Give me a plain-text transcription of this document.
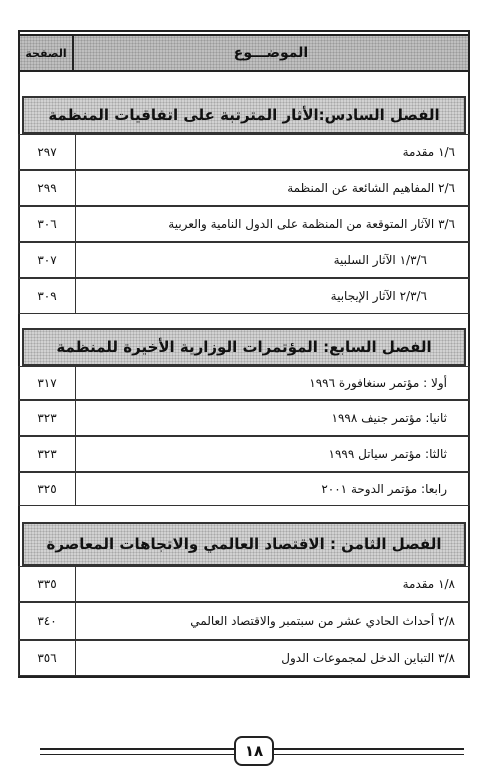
الموضـــوع
الصفحة
الفصل السادس:الأثار المترتبة على اتفاقيات المنظمة
١/٦ مقدمة
٢٩٧
٢/٦ المفاهيم الشائعة عن المنظمة
٢٩٩
٣/٦ الآثار المتوقعة من المنظمة على الدول النامية والعربية
٣٠٦
١/٣/٦ الآثار السلبية
٣٠٧
٢/٣/٦ الآثار الإيجابية
٣٠٩
الفصل السابع: المؤتمرات الوزارية الأخيرة للمنظمة
أولا : مؤتمر سنغافورة ١٩٩٦
٣١٧
ثانيا: مؤتمر جنيف ١٩٩٨
٣٢٣
ثالثا: مؤتمر سياتل ١٩٩٩
٣٢٣
رابعا: مؤتمر الدوحة ٢٠٠١
٣٢٥
الفصل الثامن : الاقتصاد العالمي والاتجاهات المعاصرة
١/٨ مقدمة
٣٣٥
٢/٨ أحداث الحادي عشر من سبتمبر والاقتصاد العالمي
٣٤٠
٣/٨ التباين الدخل لمجموعات الدول
٣٥٦
١٨
